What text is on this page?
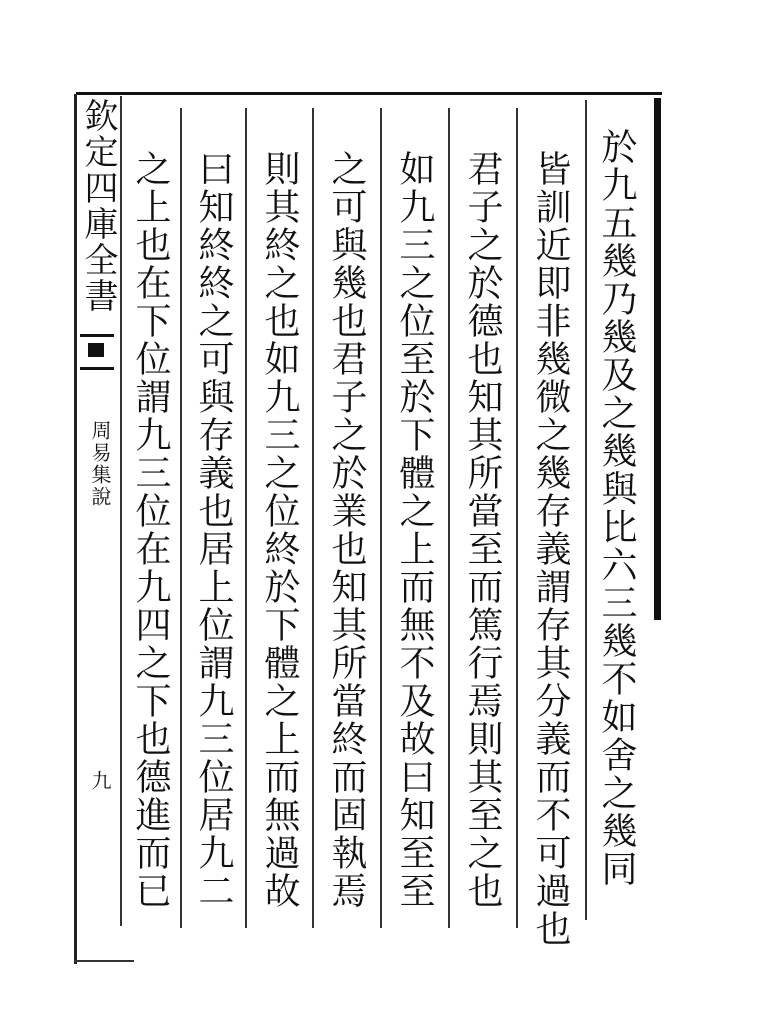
欽定四庫全書
周易集說
九	於九五幾乃幾及之幾與比六三幾不如舍之幾同
皆訓近即非幾微之幾存義謂存其分義而不可過也
君子之於德也知其所當至而篤行焉則其至之也
如九三之位至於下體之上而無不及故曰知至至
之可與幾也君子之於業也知其所當終而固執焉
則其終之也如九三之位終於下體之上而無過故
曰知終終之可與存義也居上位謂九三位居九二
之上也在下位謂九三位在九四之下也德進而已
